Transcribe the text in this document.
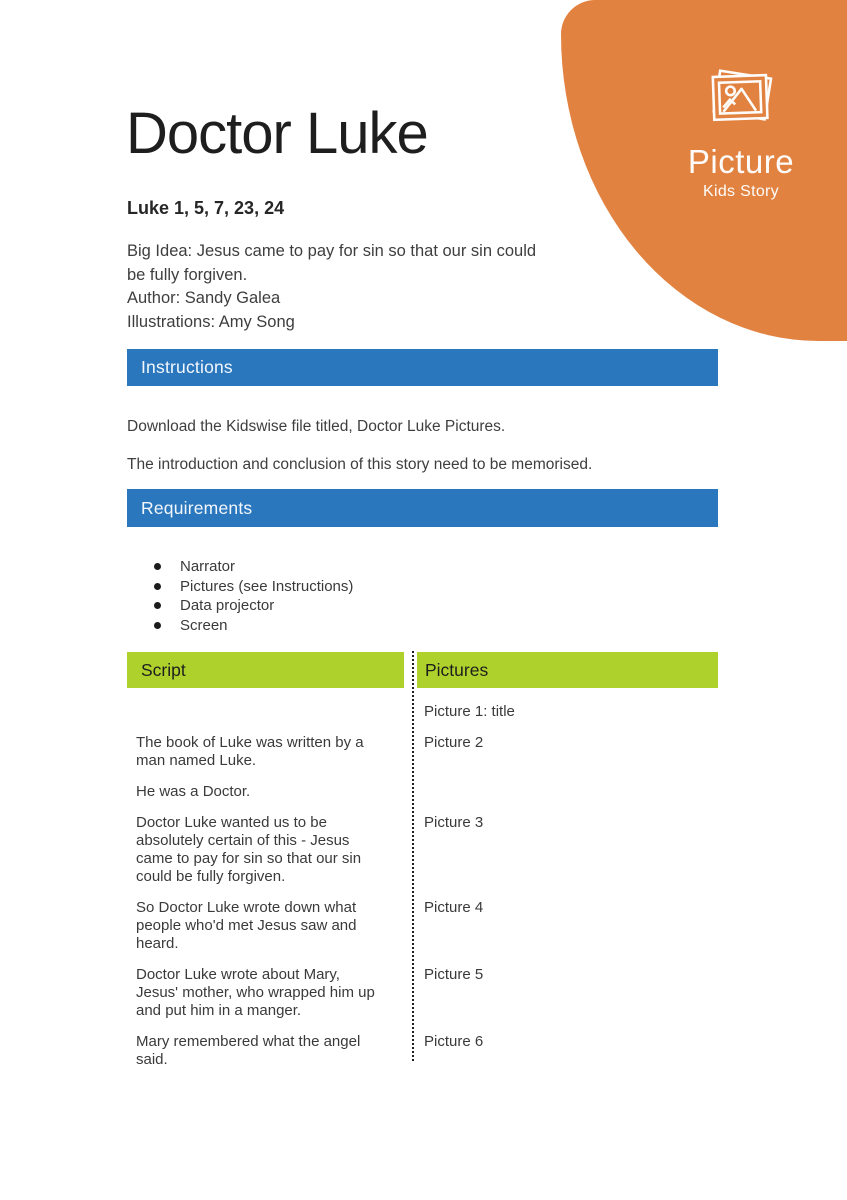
Picture
Kids Story
Doctor Luke
Luke 1, 5, 7, 23, 24
Big Idea: Jesus came to pay for sin so that our sin could be fully forgiven.
Author: Sandy Galea
Illustrations: Amy Song
Instructions

Download the Kidswise file titled, Doctor Luke Pictures.

The introduction and conclusion of this story need to be memorised.

Requirements
Narrator
Pictures (see Instructions)
Data projector
Screen
Script	Pictures
Picture 1: title
The book of Luke was written by a man named Luke.
Picture 2
He was a Doctor.
Doctor Luke wanted us to be absolutely certain of this - Jesus came to pay for sin so that our sin could be fully forgiven.
Picture 3
So Doctor Luke wrote down what people who'd met Jesus saw and heard.
Picture 4
Doctor Luke wrote about Mary, Jesus' mother, who wrapped him up and put him in a manger.
Picture 5
Mary remembered what the angel said.
Picture 6
